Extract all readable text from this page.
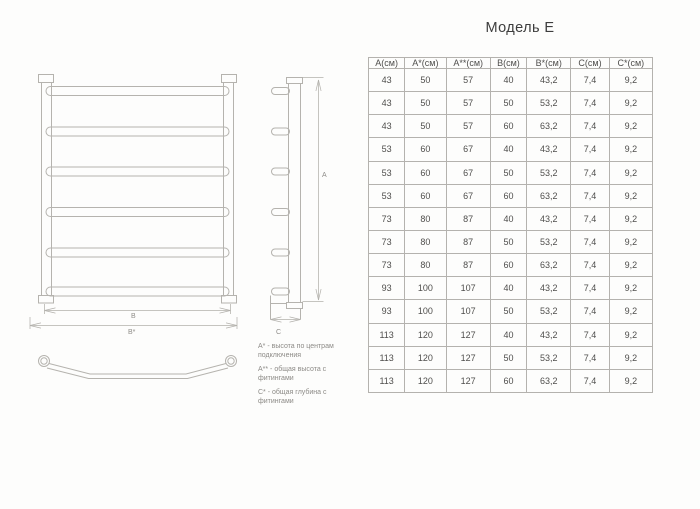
Модель Е
A
B
B*	C

А* - высота по центрам подключения

А** - общая высота с фитингами

С* - общая глубина с фитингами

А(см)	А*(см)	А**(см)	В(см)	В*(см)	С(см)	С*(см)
43	50	57	40	43,2	7,4	9,2
43	50	57	50	53,2	7,4	9,2
43	50	57	60	63,2	7,4	9,2
53	60	67	40	43,2	7,4	9,2
53	60	67	50	53,2	7,4	9,2
53	60	67	60	63,2	7,4	9,2
73	80	87	40	43,2	7,4	9,2
73	80	87	50	53,2	7,4	9,2
73	80	87	60	63,2	7,4	9,2
93	100	107	40	43,2	7,4	9,2
93	100	107	50	53,2	7,4	9,2
113	120	127	40	43,2	7,4	9,2
113	120	127	50	53,2	7,4	9,2
113	120	127	60	63,2	7,4	9,2
